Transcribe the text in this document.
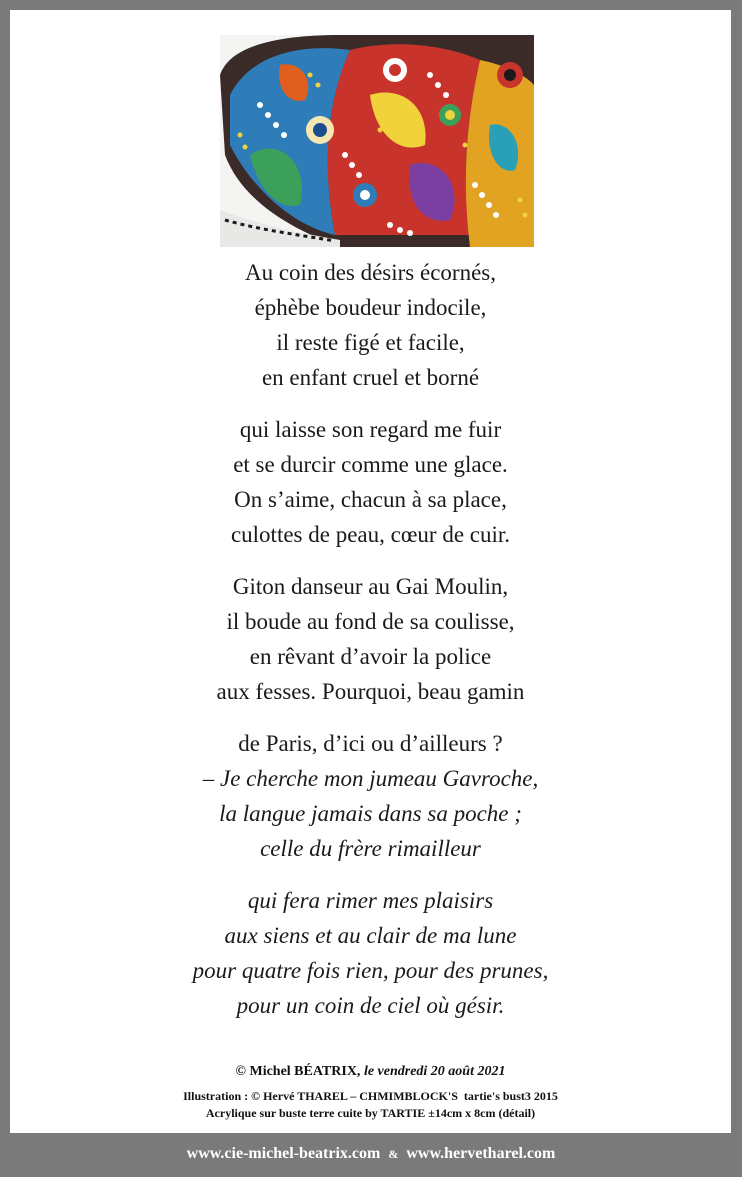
Au coin des désirs écornés,
éphèbe boudeur indocile,
il reste figé et facile,
en enfant cruel et borné
qui laisse son regard me fuir
et se durcir comme une glace.
On s’aime, chacun à sa place,
culottes de peau, cœur de cuir.
Giton danseur au Gai Moulin,
il boude au fond de sa coulisse,
en rêvant d’avoir la police
aux fesses. Pourquoi, beau gamin
de Paris, d’ici ou d’ailleurs ?
– Je cherche mon jumeau Gavroche,
la langue jamais dans sa poche ;
celle du frère rimailleur
qui fera rimer mes plaisirs
aux siens et au clair de ma lune
pour quatre fois rien, pour des prunes,
pour un coin de ciel où gésir.
© Michel BÉATRIX, le vendredi 20 août 2021
Illustration : © Hervé THAREL – CHMIMBLOCK'S  tartie's bust3 2015
Acrylique sur buste terre cuite by TARTIE ±14cm x 8cm (détail)
www.cie-michel-beatrix.com & www.hervetharel.com
